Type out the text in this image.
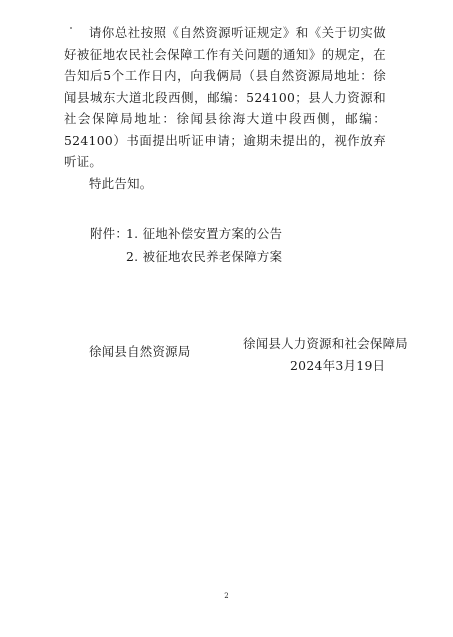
请你总社按照《自然资源听证规定》和《关于切实做好被征地农民社会保障工作有关问题的通知》的规定，在告知后5个工作日内，向我俩局（县自然资源局地址：徐闻县城东大道北段西侧，邮编：524100；县人力资源和社会保障局地址：徐闻县徐海大道中段西侧，邮编：524100）书面提出听证申请；逾期未提出的，视作放弃听证。

特此告知。

附件：
1. 征地补偿安置方案的公告
2. 被征地农民养老保障方案
徐闻县自然资源局
徐闻县人力资源和社会保障局
2024年3月19日
2
